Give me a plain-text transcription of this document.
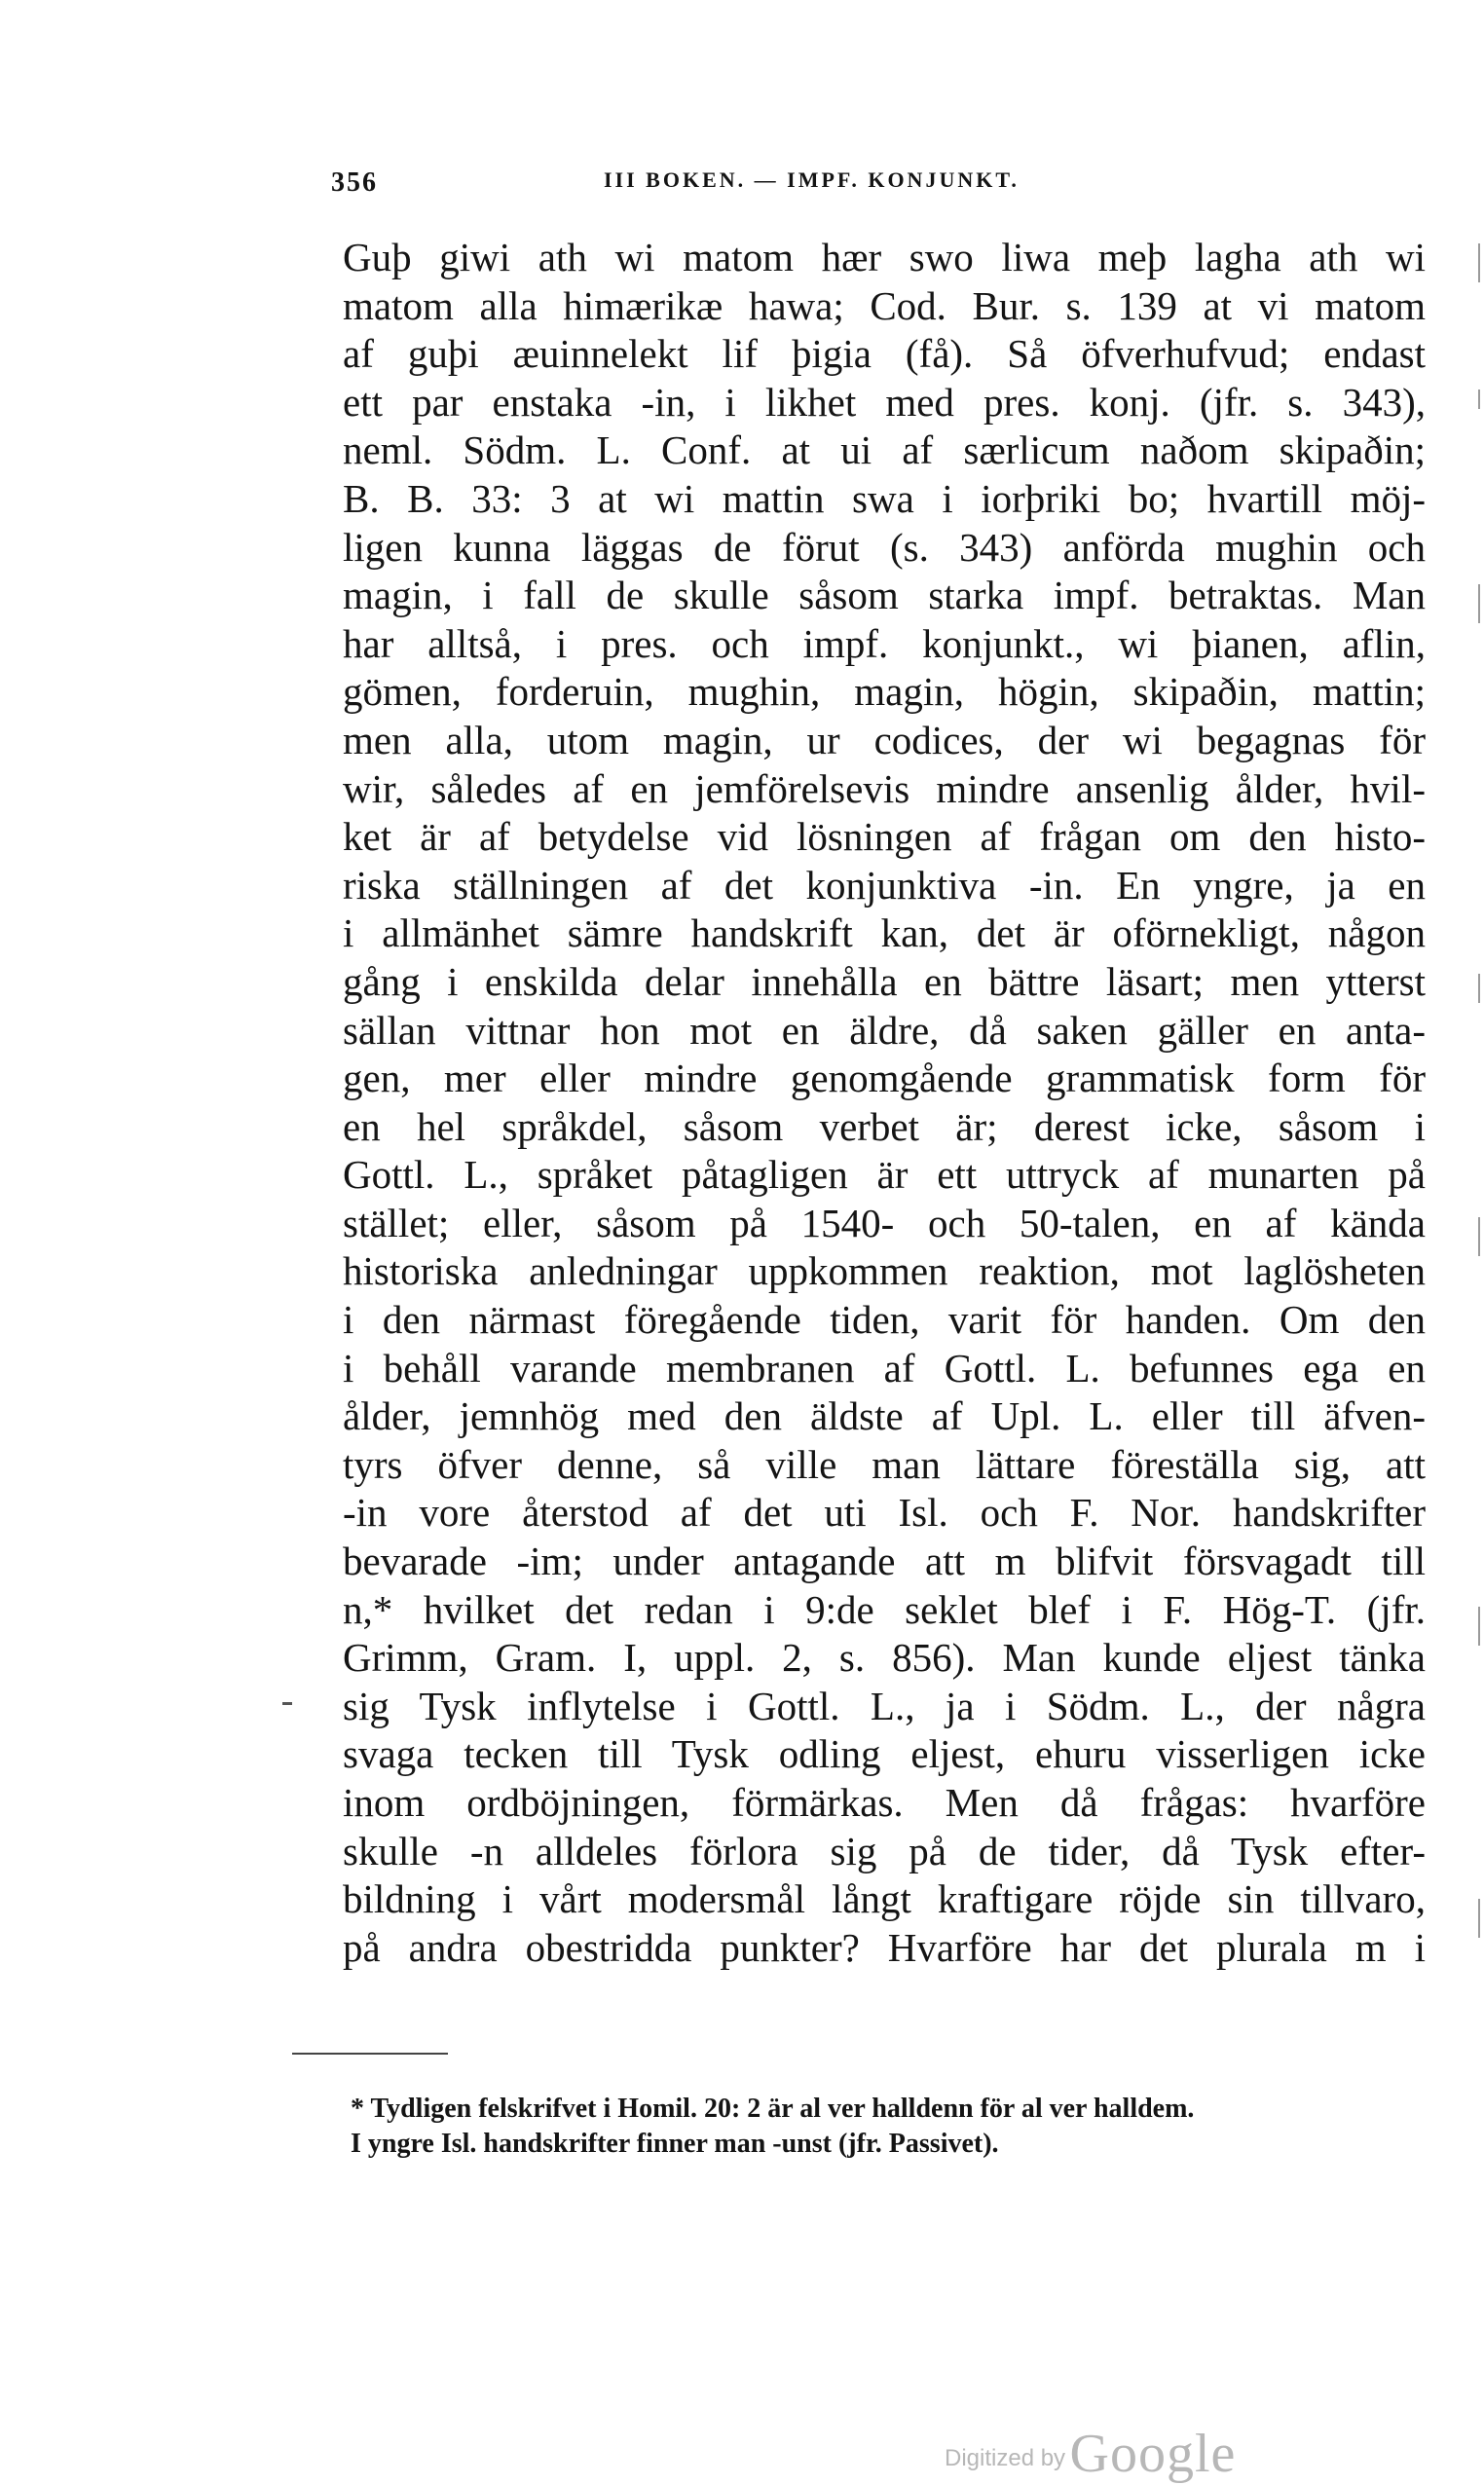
356	III BOKEN. — IMPF. KONJUNKT.
Guþ giwi ath wi matom hær swo liwa meþ lagha ath wi
matom alla himærikæ hawa; Cod. Bur. s. 139 at vi matom
af guþi æuinnelekt lif þigia (få). Så öfverhufvud; endast
ett par enstaka -in, i likhet med pres. konj. (jfr. s. 343),
neml. Södm. L. Conf. at ui af særlicum naðom skipaðin;
B. B. 33: 3 at wi mattin swa i iorþriki bo; hvartill möj-
ligen kunna läggas de förut (s. 343) anförda mughin och
magin, i fall de skulle såsom starka impf. betraktas. Man
har alltså, i pres. och impf. konjunkt., wi þianen, aflin,
gömen, forderuin, mughin, magin, högin, skipaðin, mattin;
men alla, utom magin, ur codices, der wi begagnas för
wir, således af en jemförelsevis mindre ansenlig ålder, hvil-
ket är af betydelse vid lösningen af frågan om den histo-
riska ställningen af det konjunktiva -in. En yngre, ja en
i allmänhet sämre handskrift kan, det är oförnekligt, någon
gång i enskilda delar innehålla en bättre läsart; men ytterst
sällan vittnar hon mot en äldre, då saken gäller en anta-
gen, mer eller mindre genomgående grammatisk form för
en hel språkdel, såsom verbet är; derest icke, såsom i
Gottl. L., språket påtagligen är ett uttryck af munarten på
stället; eller, såsom på 1540- och 50-talen, en af kända
historiska anledningar uppkommen reaktion, mot laglösheten
i den närmast föregående tiden, varit för handen. Om den
i behåll varande membranen af Gottl. L. befunnes ega en
ålder, jemnhög med den äldste af Upl. L. eller till äfven-
tyrs öfver denne, så ville man lättare föreställa sig, att
-in vore återstod af det uti Isl. och F. Nor. handskrifter
bevarade -im; under antagande att m blifvit försvagadt till
n,* hvilket det redan i 9:de seklet blef i F. Hög-T. (jfr.
Grimm, Gram. I, uppl. 2, s. 856). Man kunde eljest tänka
sig Tysk inflytelse i Gottl. L., ja i Södm. L., der några
svaga tecken till Tysk odling eljest, ehuru visserligen icke
inom ordböjningen, förmärkas. Men då frågas: hvarföre
skulle -n alldeles förlora sig på de tider, då Tysk efter-
bildning i vårt modersmål långt kraftigare röjde sin tillvaro,
på andra obestridda punkter? Hvarföre har det plurala m i
* Tydligen felskrifvet i Homil. 20: 2 är al ver halldenn för al ver halldem.
I yngre Isl. handskrifter finner man -unst (jfr. Passivet).
Digitized by Google
